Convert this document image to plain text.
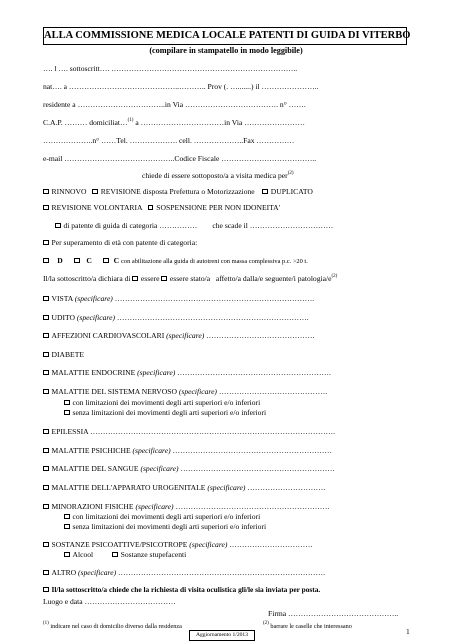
ALLA COMMISSIONE MEDICA LOCALE PATENTI DI GUIDA DI VITERBO
(compilare in stampatello in modo leggibile)
…. l …. sottoscritt…. ………………………………………………………………..
nat…. a ……………………………………..……….. Prov (. ….......) il …………………..
residente a ……………………………..in Via ………………………………. n° …….
C.A.P. ……… domiciliat…$^{(1)}$ a ……………………………in Via ……………………
………………..n° ……Tel. ………………. cell. ………………..Fax ……………
e-mail ……………………………………..Codice Fiscale ………………………………..
chiede di essere sottoposto/a a visita medica per$^{(2)}$
RINNOVO REVISIONE disposta Prefettura o Motorizzazione DUPLICATO
REVISIONE VOLONTARIA SOSPENSIONE PER NON IDONEITA'
di patente di guida di categoria …………… che scade il ……………………………
Per superamento di età con patente di categoria:
D	C	C con abilitazione alla guida di autotreni con massa complessiva p.c. >20 t.
Il/la sottoscritto/a dichiara di essere essere stato/a affetto/a dalla/e seguente/i patologia/$e^{(2)}$
VISTA (specificare) …………………………………………………………………….
UDITO (specificare) ………………………………………………………………….
AFFEZIONI CARDIOVASCOLARI (specificare) …………………………………….
DIABETE
MALATTIE ENDOCRINE (specificare) …………………………………………………….
MALATTIE DEL SISTEMA NERVOSO (specificare) …………………………………….
con limitazioni dei movimenti degli arti superiori e/o inferiori
senza limitazioni dei movimenti degli arti superiori e/o inferiori
EPILESSIA …………………………………………………………………………………….
MALATTIE PSICHICHE (specificare) ………………………………………………………
MALATTIE DEL SANGUE (specificare) …………………………………………………….
MALATTIE DELL'APPARATO UROGENITALE (specificare) ………………………….
MINORAZIONI FISICHE (specificare) …………………………………………………….
con limitazioni dei movimenti degli arti superiori e/o inferiori
senza limitazioni dei movimenti degli arti superiori e/o inferiori
SOSTANZE PSICOATTIVE/PSICOTROPE (specificare) ……………………………
Alcool	Sostanze stupefacenti
ALTRO (specificare) ……………………………………………………………………….
Il/la sottoscritto/a chiede che la richiesta di visita oculistica gli/le sia inviata per posta.
Luogo e data ………………………………
Firma ……………………………………..
$^{(1)}$ indicare nel caso di domicilio diverso dalla residenza	$^{(2)}$ barrare le caselle che interessano
Aggiornamento 1/2013	1
